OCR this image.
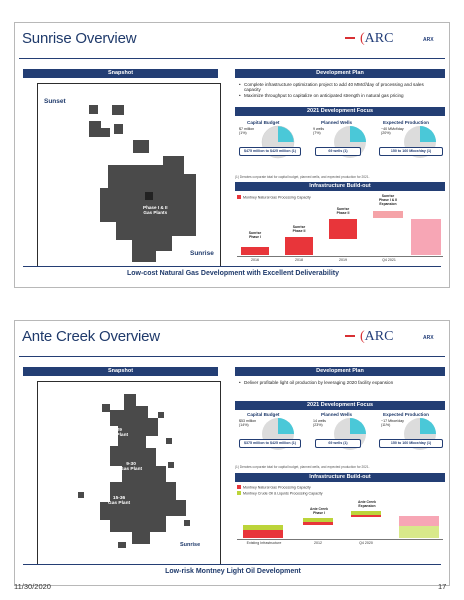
Sunrise Overview	(ARC	ARX
Snapshot
Sunset
Phase I & II
Gas Plants
Sunrise
Development Plan
• Complete infrastructure optimization project to add 40 MMcf/day of processing and sales capacity
• Maximize throughput to capitalize on anticipated strength in natural gas pricing
2021 Development Focus
Capital Budget
$7 million
(1%)
$475 million to $425 million (1)
Planned Wells
9 wells
(7%)
69 wells (1)
Expected Production
~40 MMcf/day
(20%)
150 to 160 Mboe/day (1)
(1) Denotes corporate total for capital budget, planned wells, and expected production for 2021.
Infrastructure Build-out
Montney Natural Gas Processing Capacity
Sunrise
Phase I
Sunrise
Phase II
Sunrise
Phase II
Sunrise
Phase I & II
Expansion
2016	2018	2019	Q4 2021
Low-cost Natural Gas Development with Excellent Deliverability
Ante Creek Overview	(ARC	ARX
Snapshot
2-29
Gas Plant
9-30
Gas Plant
15-36
Gas Plant
Sunrise
Development Plan
• Deliver profitable light oil production by leveraging 2020 facility expansion
2021 Development Focus
Capital Budget
$53 million
(14%)
$375 million to $425 million (1)
Planned Wells
14 wells
(23%)
69 wells (1)
Expected Production
~17 Mboe/day
(11%)
150 to 160 Mboe/day (1)
(1) Denotes corporate total for capital budget, planned wells, and expected production for 2021.
Infrastructure Build-out
Montney Natural Gas Processing Capacity
Montney Crude Oil & Liquids Processing Capacity
Ante Creek
Phase I
Ante Creek
Expansion
Existing Infrastructure	2012	Q4 2020
Low-risk Montney Light Oil Development
11/30/2020	17
